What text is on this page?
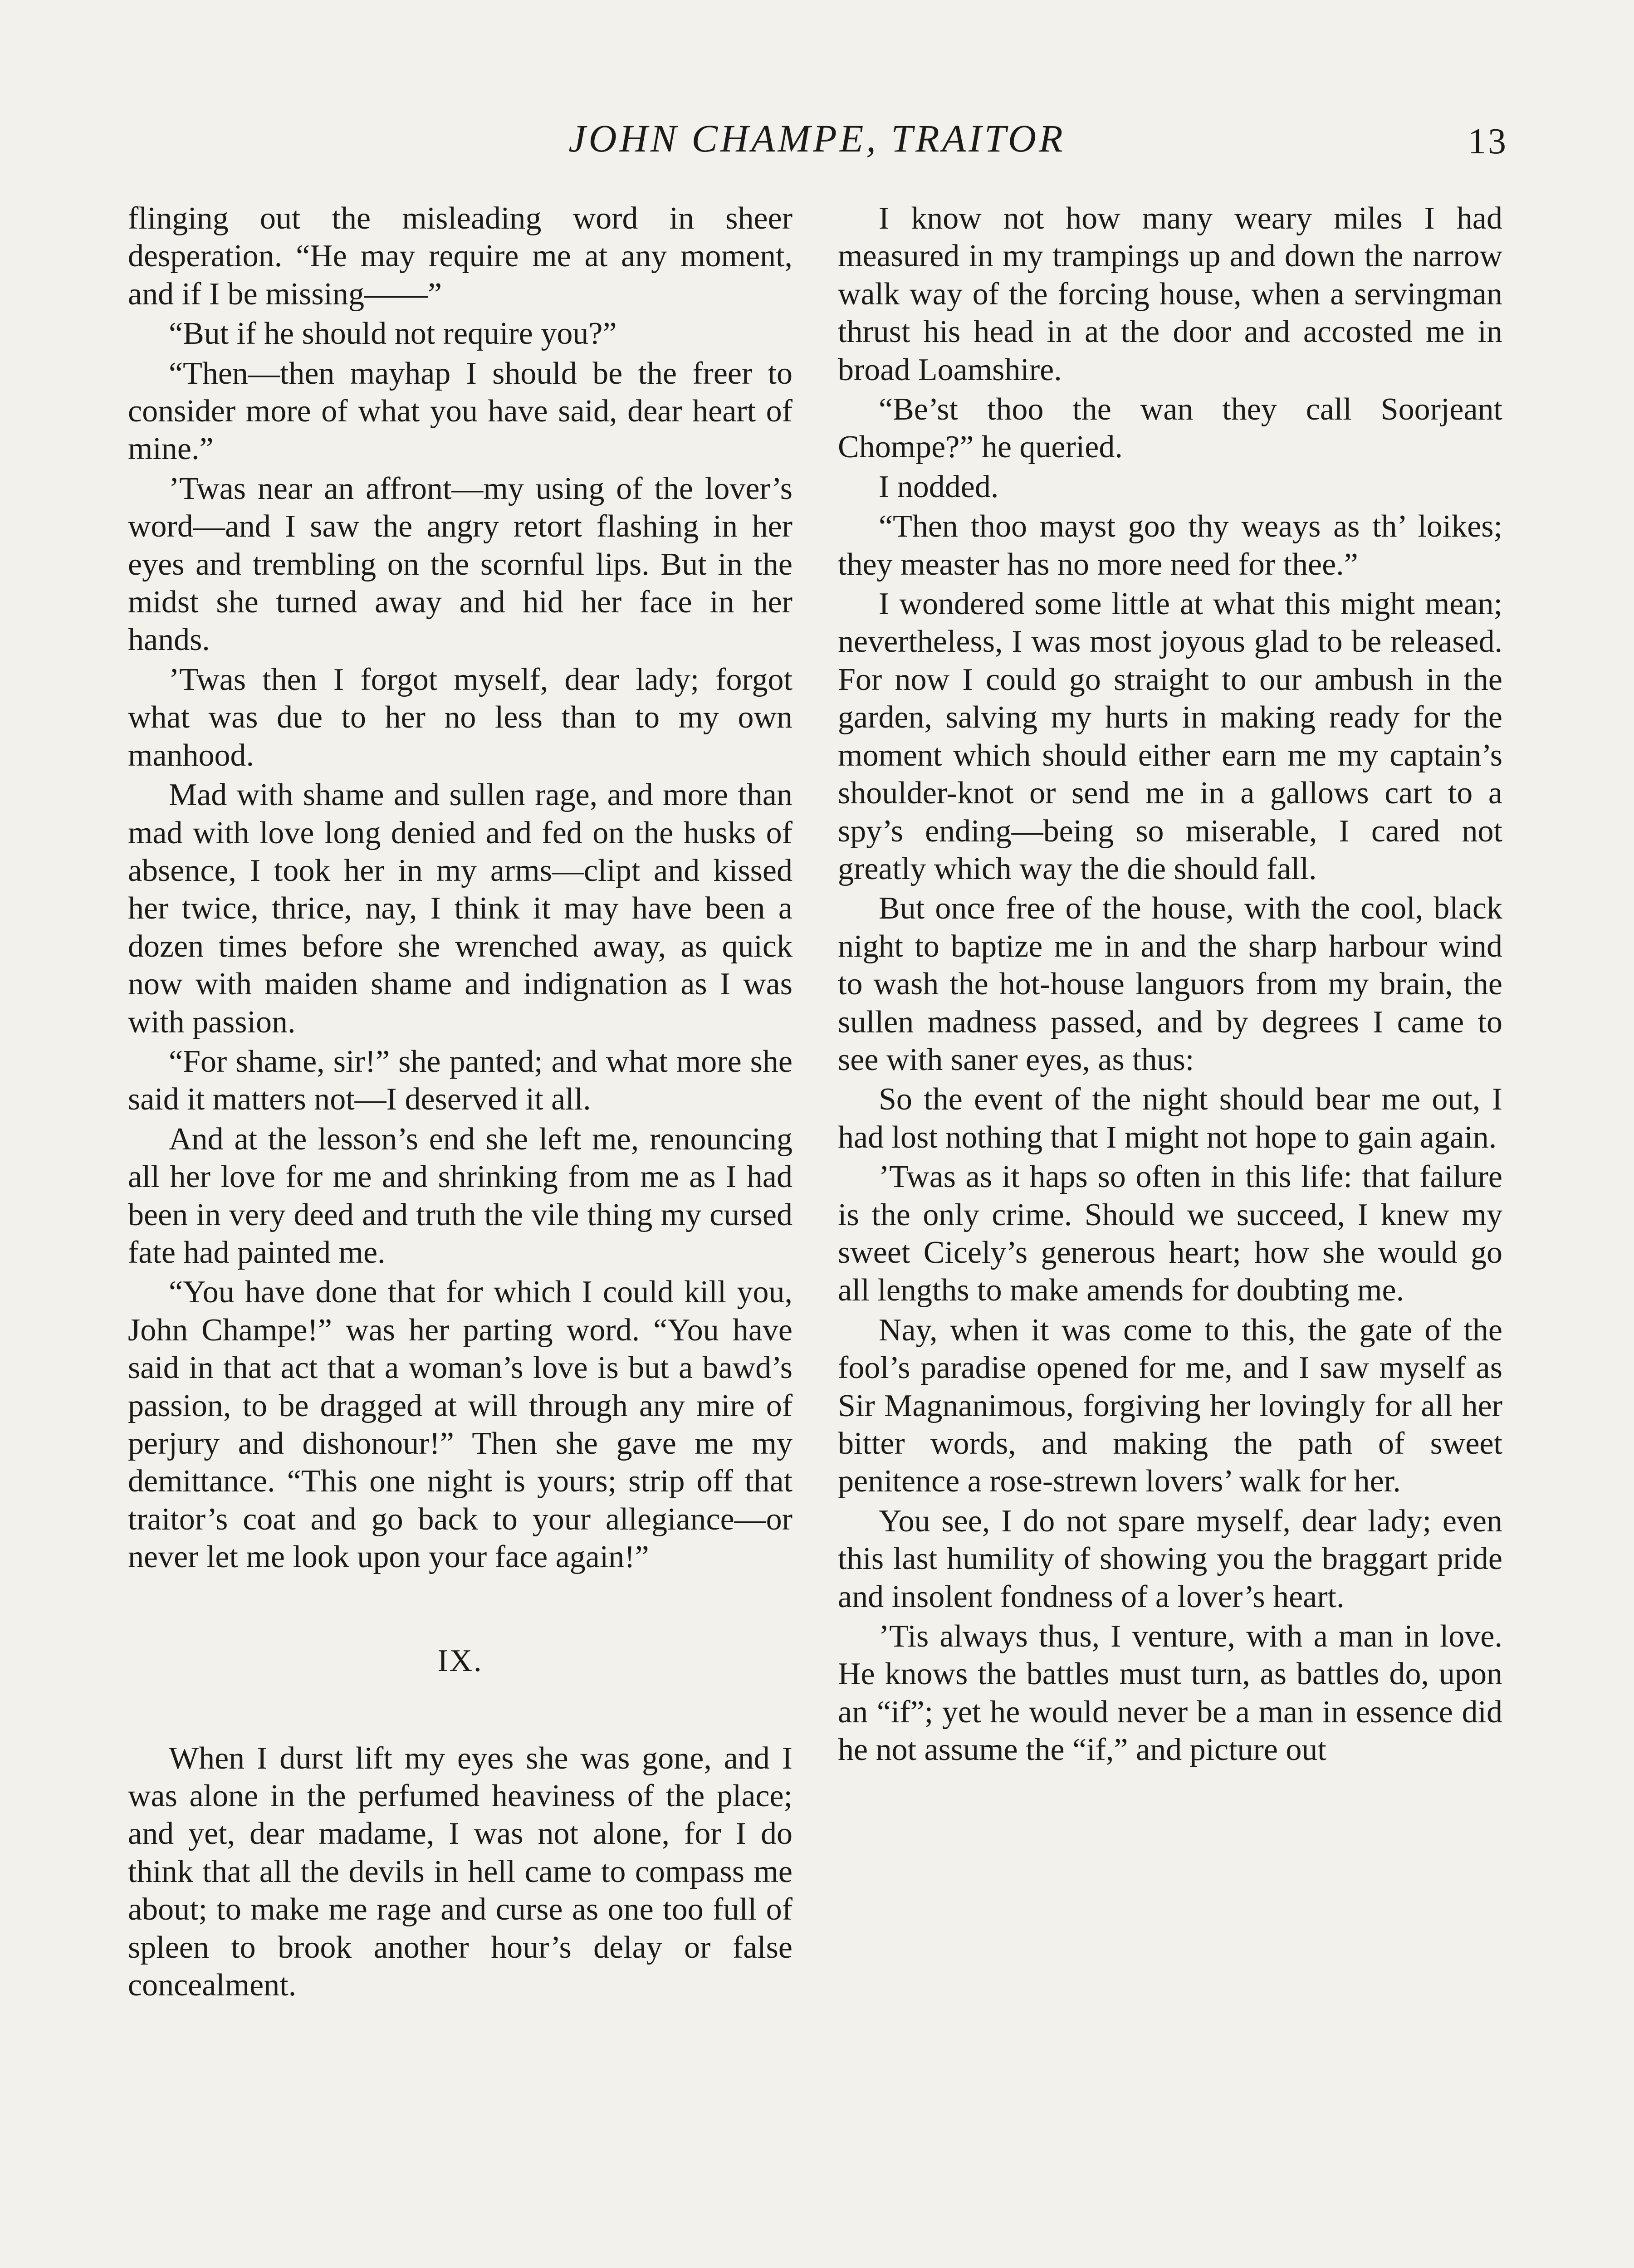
JOHN CHAMPE, TRAITOR	13

flinging out the misleading word in sheer desperation. “He may require me at any moment, and if I be missing——”

“But if he should not require you?”

“Then—then mayhap I should be the freer to consider more of what you have said, dear heart of mine.”

’Twas near an affront—my using of the lover’s word—and I saw the angry retort flashing in her eyes and trembling on the scornful lips. But in the midst she turned away and hid her face in her hands.

’Twas then I forgot myself, dear lady; forgot what was due to her no less than to my own manhood.

Mad with shame and sullen rage, and more than mad with love long denied and fed on the husks of absence, I took her in my arms—clipt and kissed her twice, thrice, nay, I think it may have been a dozen times before she wrenched away, as quick now with maiden shame and indignation as I was with passion.

“For shame, sir!” she panted; and what more she said it matters not—I deserved it all.

And at the lesson’s end she left me, renouncing all her love for me and shrinking from me as I had been in very deed and truth the vile thing my cursed fate had painted me.

“You have done that for which I could kill you, John Champe!” was her parting word. “You have said in that act that a woman’s love is but a bawd’s passion, to be dragged at will through any mire of perjury and dishonour!” Then she gave me my demittance. “This one night is yours; strip off that traitor’s coat and go back to your allegiance—or never let me look upon your face again!”

IX.

When I durst lift my eyes she was gone, and I was alone in the perfumed heaviness of the place; and yet, dear madame, I was not alone, for I do think that all the devils in hell came to compass me about; to make me rage and curse as one too full of spleen to brook another hour’s delay or false concealment.

I know not how many weary miles I had measured in my trampings up and down the narrow walk way of the forcing house, when a servingman thrust his head in at the door and accosted me in broad Loamshire.

“Be’st thoo the wan they call Soorjeant Chompe?” he queried.

I nodded.

“Then thoo mayst goo thy weays as th’ loikes; they measter has no more need for thee.”

I wondered some little at what this might mean; nevertheless, I was most joyous glad to be released. For now I could go straight to our ambush in the garden, salving my hurts in making ready for the moment which should either earn me my captain’s shoulder-knot or send me in a gallows cart to a spy’s ending—being so miserable, I cared not greatly which way the die should fall.

But once free of the house, with the cool, black night to baptize me in and the sharp harbour wind to wash the hot-house languors from my brain, the sullen madness passed, and by degrees I came to see with saner eyes, as thus:

So the event of the night should bear me out, I had lost nothing that I might not hope to gain again.

’Twas as it haps so often in this life: that failure is the only crime. Should we succeed, I knew my sweet Cicely’s generous heart; how she would go all lengths to make amends for doubting me.

Nay, when it was come to this, the gate of the fool’s paradise opened for me, and I saw myself as Sir Magnanimous, forgiving her lovingly for all her bitter words, and making the path of sweet penitence a rose-strewn lovers’ walk for her.

You see, I do not spare myself, dear lady; even this last humility of showing you the braggart pride and insolent fondness of a lover’s heart.

’Tis always thus, I venture, with a man in love. He knows the battles must turn, as battles do, upon an “if”; yet he would never be a man in essence did he not assume the “if,” and picture out
